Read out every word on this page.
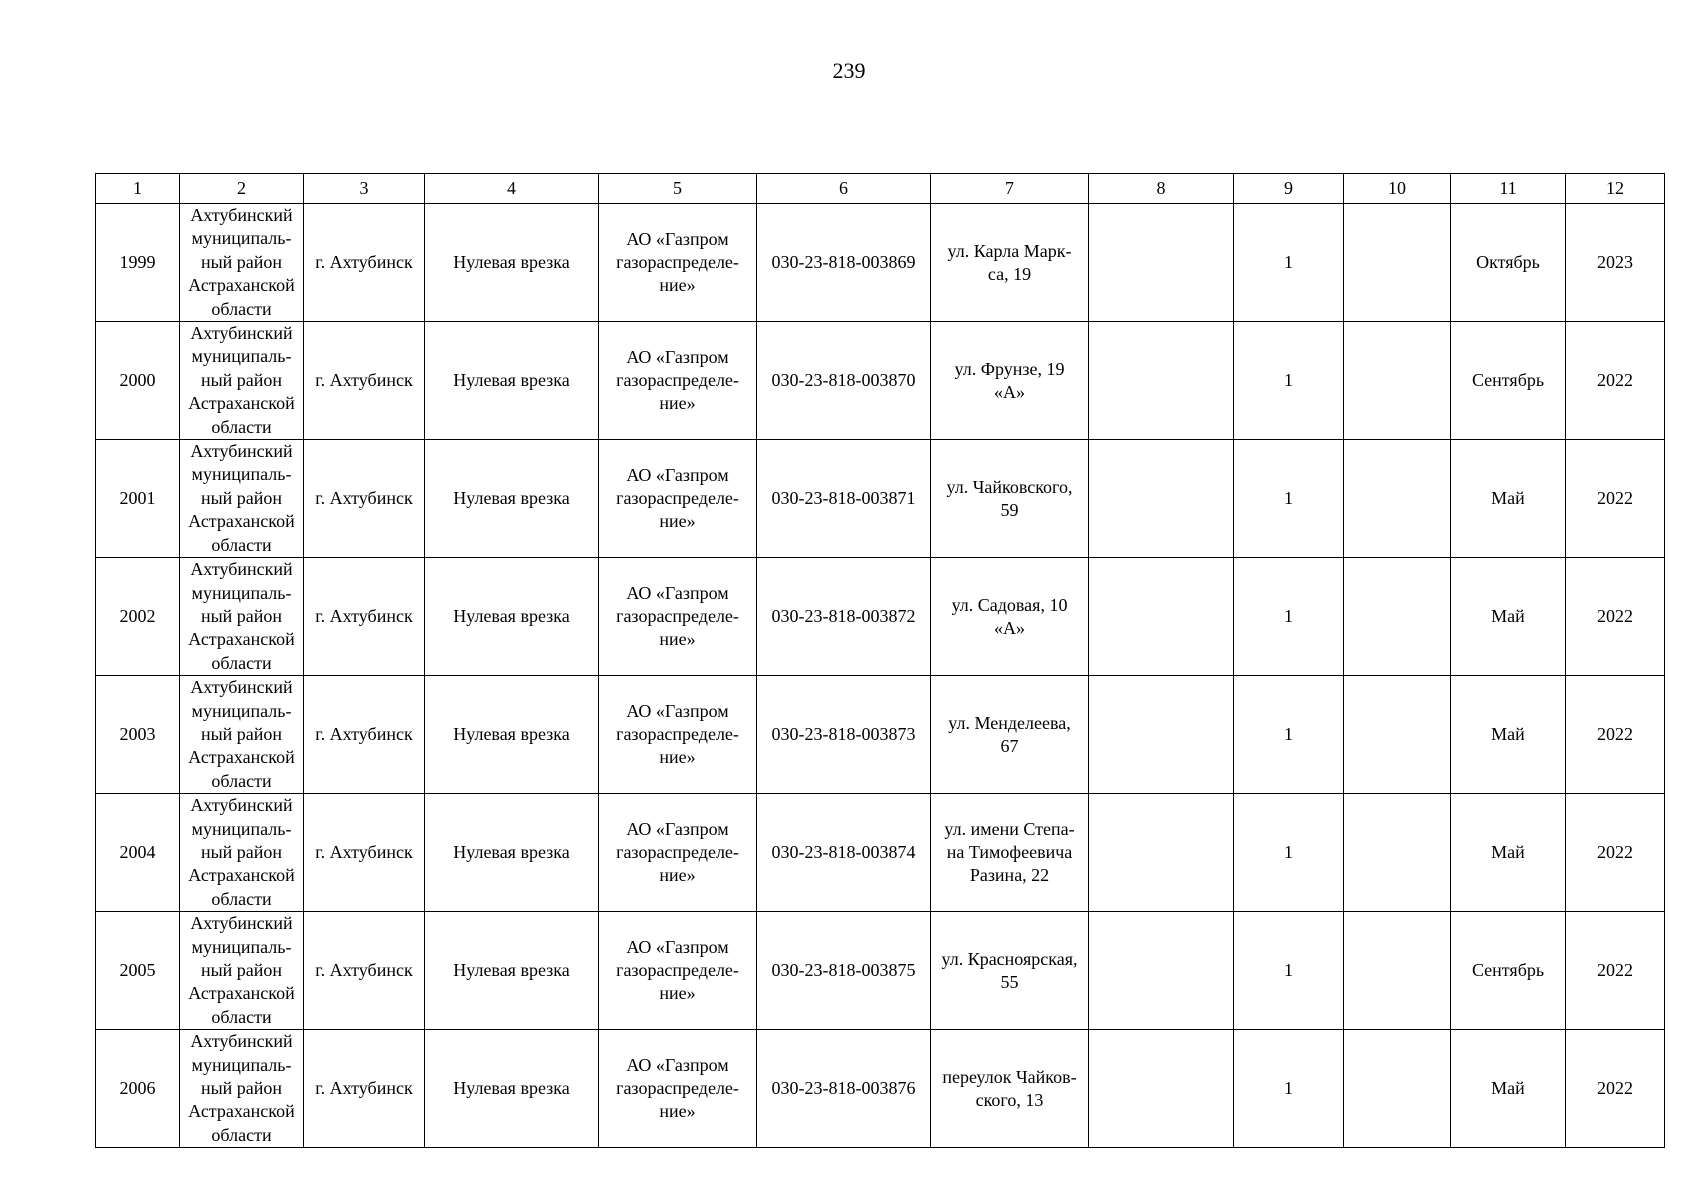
239
1	2	3	4	5	6	7	8	9	10	11	12
1999	Ахтубинский
муниципаль-
ный район
Астраханской
области	г. Ахтубинск	Нулевая врезка	АО «Газпром
газораспределе-
ние»	030-23-818-003869	ул. Карла Марк-
са, 19		1		Октябрь	2023
2000	Ахтубинский
муниципаль-
ный район
Астраханской
области	г. Ахтубинск	Нулевая врезка	АО «Газпром
газораспределе-
ние»	030-23-818-003870	ул. Фрунзе, 19
«А»		1		Сентябрь	2022
2001	Ахтубинский
муниципаль-
ный район
Астраханской
области	г. Ахтубинск	Нулевая врезка	АО «Газпром
газораспределе-
ние»	030-23-818-003871	ул. Чайковского,
59		1		Май	2022
2002	Ахтубинский
муниципаль-
ный район
Астраханской
области	г. Ахтубинск	Нулевая врезка	АО «Газпром
газораспределе-
ние»	030-23-818-003872	ул. Садовая, 10
«А»		1		Май	2022
2003	Ахтубинский
муниципаль-
ный район
Астраханской
области	г. Ахтубинск	Нулевая врезка	АО «Газпром
газораспределе-
ние»	030-23-818-003873	ул. Менделеева,
67		1		Май	2022
2004	Ахтубинский
муниципаль-
ный район
Астраханской
области	г. Ахтубинск	Нулевая врезка	АО «Газпром
газораспределе-
ние»	030-23-818-003874	ул. имени Степа-
на Тимофеевича
Разина, 22		1		Май	2022
2005	Ахтубинский
муниципаль-
ный район
Астраханской
области	г. Ахтубинск	Нулевая врезка	АО «Газпром
газораспределе-
ние»	030-23-818-003875	ул. Красноярская,
55		1		Сентябрь	2022
2006	Ахтубинский
муниципаль-
ный район
Астраханской
области	г. Ахтубинск	Нулевая врезка	АО «Газпром
газораспределе-
ние»	030-23-818-003876	переулок Чайков-
ского, 13		1		Май	2022
